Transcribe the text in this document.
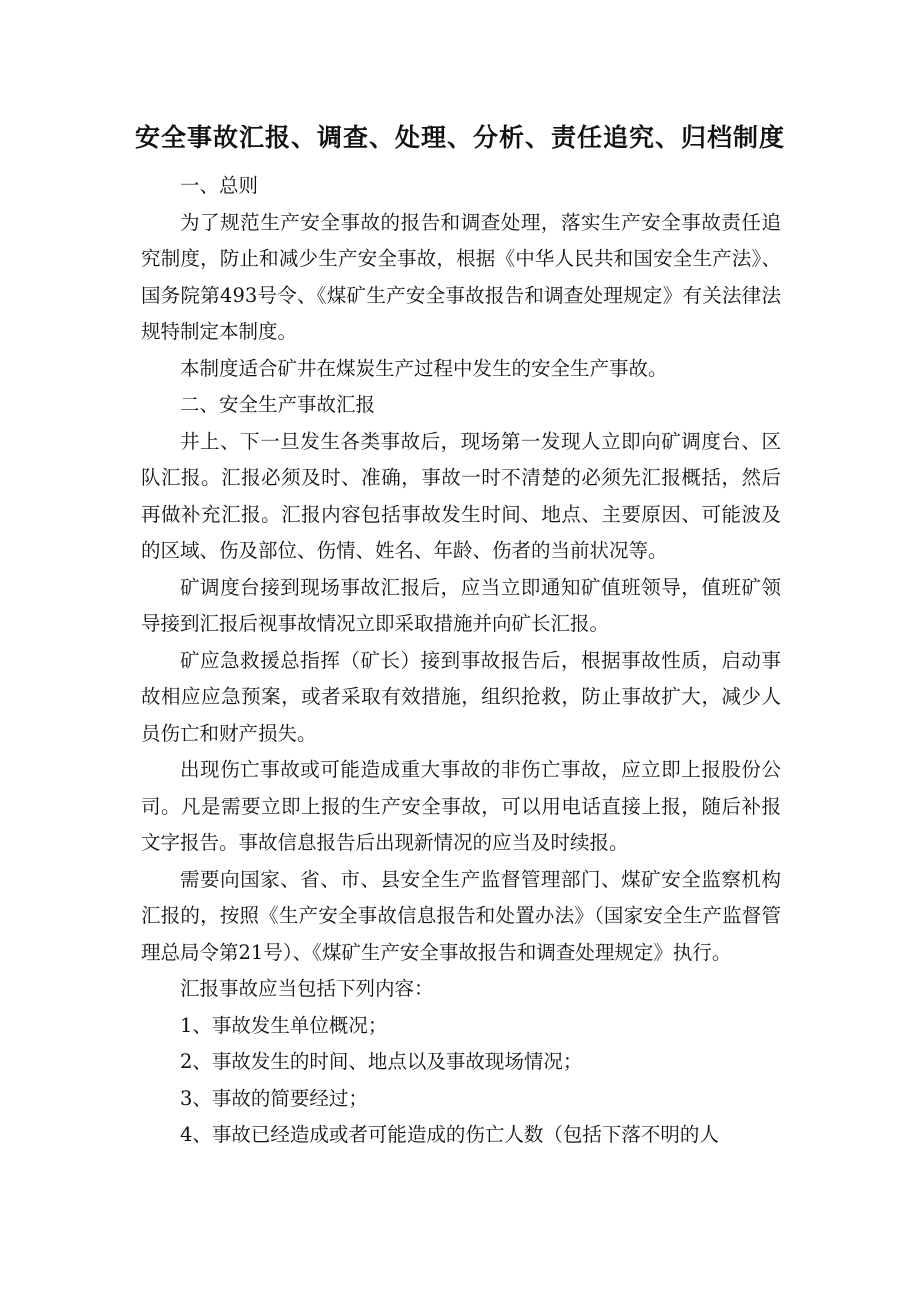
安全事故汇报、调查、处理、分析、责任追究、归档制度

一、总则

为了规范生产安全事故的报告和调查处理，落实生产安全事故责任追究制度，防止和减少生产安全事故，根据《中华人民共和国安全生产法》、国务院第493号令、《煤矿生产安全事故报告和调查处理规定》有关法律法规特制定本制度。

本制度适合矿井在煤炭生产过程中发生的安全生产事故。

二、安全生产事故汇报

井上、下一旦发生各类事故后，现场第一发现人立即向矿调度台、区队汇报。汇报必须及时、准确，事故一时不清楚的必须先汇报概括，然后再做补充汇报。汇报内容包括事故发生时间、地点、主要原因、可能波及的区域、伤及部位、伤情、姓名、年龄、伤者的当前状况等。

矿调度台接到现场事故汇报后，应当立即通知矿值班领导，值班矿领导接到汇报后视事故情况立即采取措施并向矿长汇报。

矿应急救援总指挥（矿长）接到事故报告后，根据事故性质，启动事故相应应急预案，或者采取有效措施，组织抢救，防止事故扩大，减少人员伤亡和财产损失。

出现伤亡事故或可能造成重大事故的非伤亡事故，应立即上报股份公司。凡是需要立即上报的生产安全事故，可以用电话直接上报，随后补报文字报告。事故信息报告后出现新情况的应当及时续报。

需要向国家、省、市、县安全生产监督管理部门、煤矿安全监察机构汇报的，按照《生产安全事故信息报告和处置办法》（国家安全生产监督管理总局令第21号）、《煤矿生产安全事故报告和调查处理规定》执行。

汇报事故应当包括下列内容：

1、事故发生单位概况；

2、事故发生的时间、地点以及事故现场情况；

3、事故的简要经过；

4、事故已经造成或者可能造成的伤亡人数（包括下落不明的人
